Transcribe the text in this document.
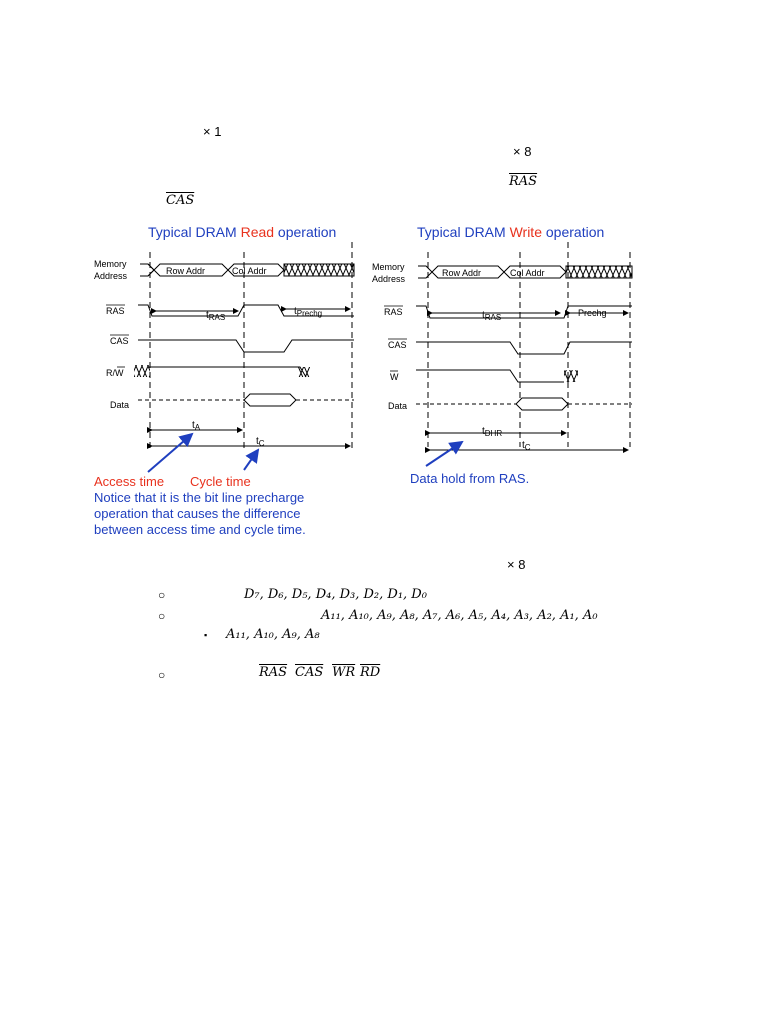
× 1
× 8
$\overline{RAS}$
$\overline{CAS}$
Typical DRAM Read operation
Memory
Address
RAS
CAS
R/W
Data
Row Addr	Col Addr
$t_{RAS}$
$t_{Prechg}$
$t_A$
$t_C$
Access time Cycle time
Notice that it is the bit line precharge
operation that causes the difference
between access time and cycle time.
Typical DRAM Write operation
Memory
Address
RAS
CAS
W
Data
Row Addr	Col Addr
$t_{RAS}$	Prechg
$t_{DHR}$
$t_C$
Data hold from RAS.
× 8
○	D₇, D₆, D₅, D₄, D₃, D₂, D₁, D₀
○	A₁₁, A₁₀, A₉, A₈, A₇, A₆, A₅, A₄, A₃, A₂, A₁, A₀
▪ A₁₁, A₁₀, A₉, A₈
○	$\overline{RAS}$ $\overline{CAS}$ $\overline{WR}$ $\overline{RD}$
